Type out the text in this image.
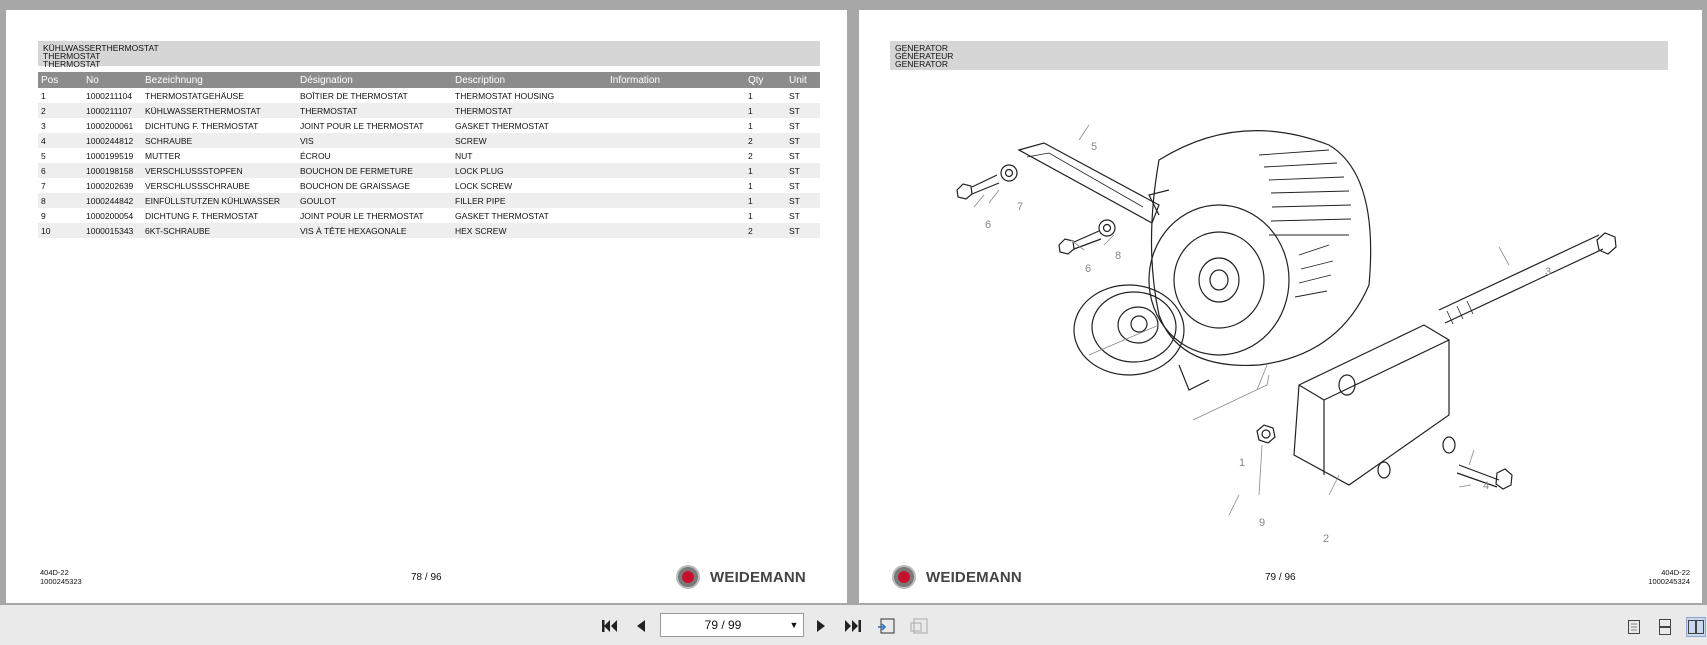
KÜHLWASSERTHERMOSTAT
THERMOSTAT
THERMOSTAT
Pos	No	Bezeichnung	Désignation	Description	Information	Qty	Unit
1	1000211104	THERMOSTATGEHÄUSE	BOÎTIER DE THERMOSTAT	THERMOSTAT HOUSING		1	ST
2	1000211107	KÜHLWASSERTHERMOSTAT	THERMOSTAT	THERMOSTAT		1	ST
3	1000200061	DICHTUNG F. THERMOSTAT	JOINT POUR LE THERMOSTAT	GASKET THERMOSTAT		1	ST
4	1000244812	SCHRAUBE	VIS	SCREW		2	ST
5	1000199519	MUTTER	ÉCROU	NUT		2	ST
6	1000198158	VERSCHLUSSSTOPFEN	BOUCHON DE FERMETURE	LOCK PLUG		1	ST
7	1000202639	VERSCHLUSSSCHRAUBE	BOUCHON DE GRAISSAGE	LOCK SCREW		1	ST
8	1000244842	EINFÜLLSTUTZEN KÜHLWASSER	GOULOT	FILLER PIPE		1	ST
9	1000200054	DICHTUNG F. THERMOSTAT	JOINT POUR LE THERMOSTAT	GASKET THERMOSTAT		1	ST
10	1000015343	6KT-SCHRAUBE	VIS À TÊTE HEXAGONALE	HEX SCREW		2	ST
404D-22
1000245323	78 / 96	WEIDEMANN
GENERATOR
GÉNÉRATEUR
GENERATOR
5
7
6
8
6	3
1
4
9
2
WEIDEMANN	79 / 96	404D-22
1000245324
79 / 99	▼
